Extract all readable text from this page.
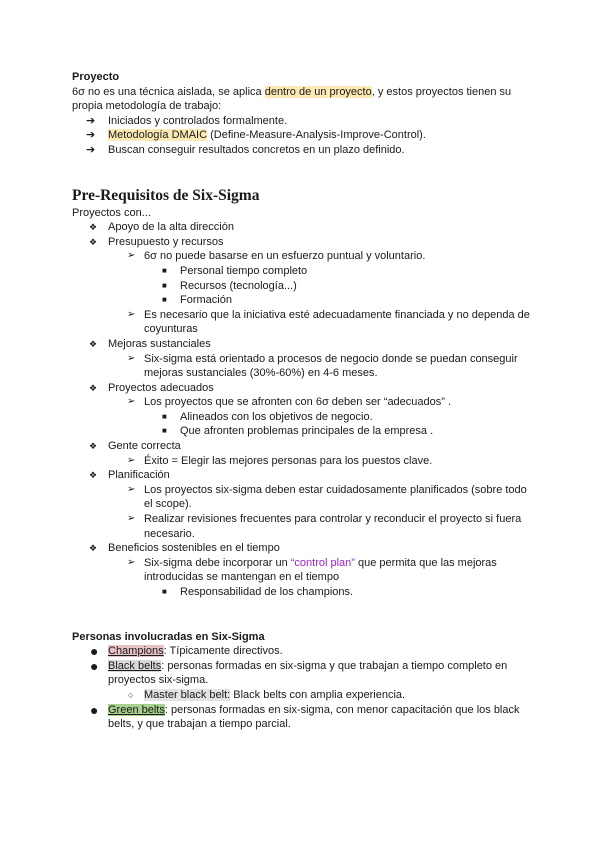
Proyecto

6σ no es una técnica aislada, se aplica dentro de un proyecto, y estos proyectos tienen su propia metodología de trabajo:

➔ Iniciados y controlados formalmente.
➔ Metodología DMAIC (Define-Measure-Analysis-Improve-Control).
➔ Buscan conseguir resultados concretos en un plazo definido.
Pre-Requisitos de Six-Sigma

Proyectos con...

❖ Apoyo de la alta dirección
❖ Presupuesto y recursos
➢ 6σ no puede basarse en un esfuerzo puntual y voluntario.
■ Personal tiempo completo
■ Recursos (tecnología...)
■ Formación
➢ Es necesario que la iniciativa esté adecuadamente financiada y no dependa de coyunturas
❖ Mejoras sustanciales
➢ Six-sigma está orientado a procesos de negocio donde se puedan conseguir mejoras sustanciales (30%-60%) en 4-6 meses.
❖ Proyectos adecuados
➢ Los proyectos que se afronten con 6σ deben ser “adecuados” .
■ Alineados con los objetivos de negocio.
■ Que afronten problemas principales de la empresa .
❖ Gente correcta
➢ Éxito = Elegir las mejores personas para los puestos clave.
❖ Planificación
➢ Los proyectos six-sigma deben estar cuidadosamente planificados (sobre todo el scope).
➢ Realizar revisiones frecuentes para controlar y reconducir el proyecto si fuera necesario.
❖ Beneficios sostenibles en el tiempo
➢ Six-sigma debe incorporar un “control plan” que permita que las mejoras introducidas se mantengan en el tiempo
■ Responsabilidad de los champions.
Personas involucradas en Six-Sigma
● Champions: Típicamente directivos.
● Black belts: personas formadas en six-sigma y que trabajan a tiempo completo en proyectos six-sigma.
○ Master black belt: Black belts con amplia experiencia.
● Green belts: personas formadas en six-sigma, con menor capacitación que los black belts, y que trabajan a tiempo parcial.
